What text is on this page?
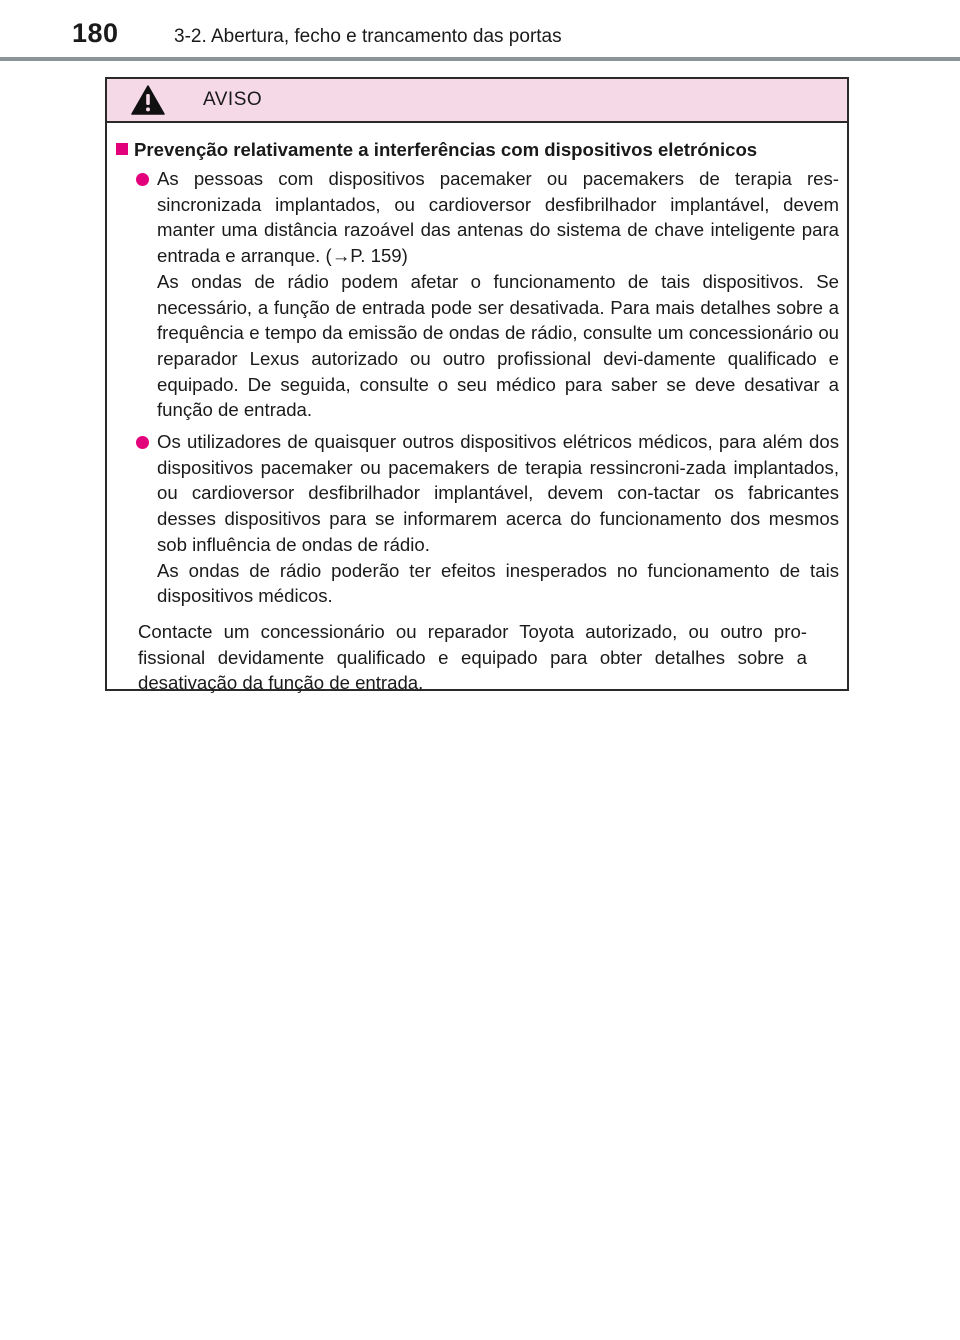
180	3-2. Abertura, fecho e trancamento das portas
AVISO
Prevenção relativamente a interferências com dispositivos eletrónicos

As pessoas com dispositivos pacemaker ou pacemakers de terapia res-sincronizada implantados, ou cardioversor desfibrilhador implantável, devem manter uma distância razoável das antenas do sistema de chave inteligente para entrada e arranque. (→P. 159)

As ondas de rádio podem afetar o funcionamento de tais dispositivos. Se necessário, a função de entrada pode ser desativada. Para mais detalhes sobre a frequência e tempo da emissão de ondas de rádio, consulte um concessionário ou reparador Lexus autorizado ou outro profissional devi-damente qualificado e equipado. De seguida, consulte o seu médico para saber se deve desativar a função de entrada.

Os utilizadores de quaisquer outros dispositivos elétricos médicos, para além dos dispositivos pacemaker ou pacemakers de terapia ressincroni-zada implantados, ou cardioversor desfibrilhador implantável, devem con-tactar os fabricantes desses dispositivos para se informarem acerca do funcionamento dos mesmos sob influência de ondas de rádio.

As ondas de rádio poderão ter efeitos inesperados no funcionamento de tais dispositivos médicos.

Contacte um concessionário ou reparador Toyota autorizado, ou outro pro-fissional devidamente qualificado e equipado para obter detalhes sobre a desativação da função de entrada.
